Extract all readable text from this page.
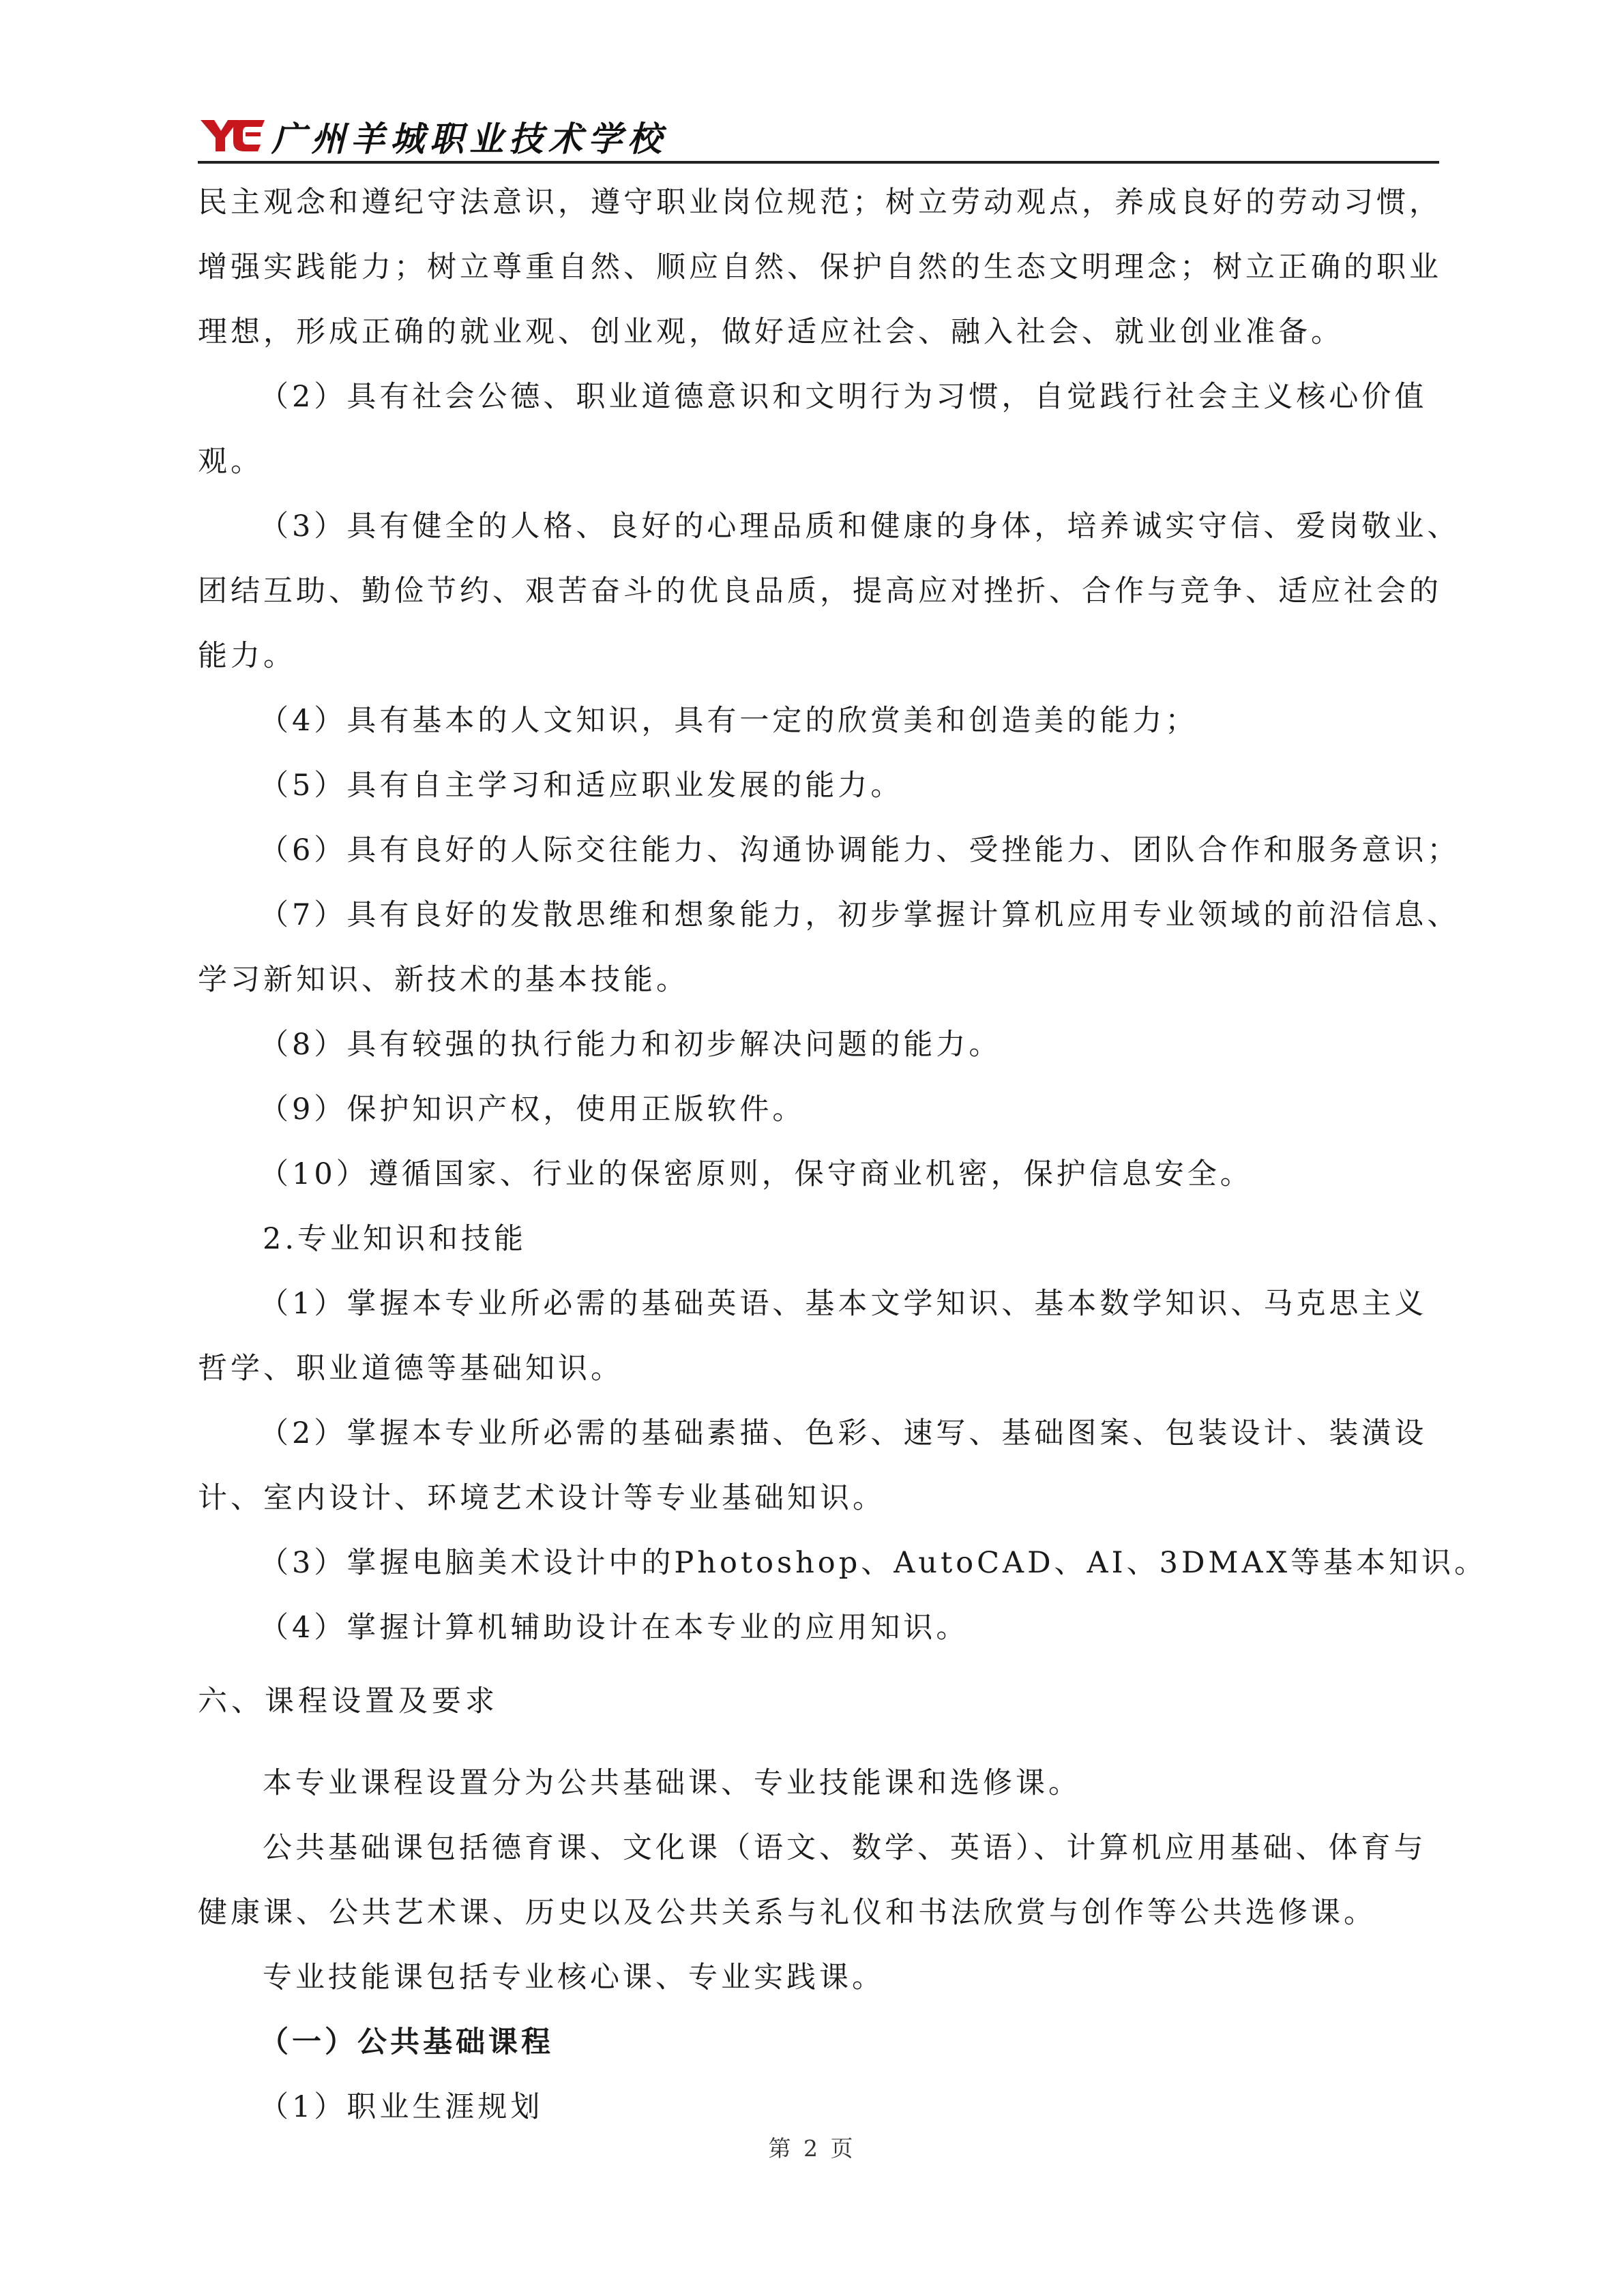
广州羊城职业技术学校
民主观念和遵纪守法意识，遵守职业岗位规范；树立劳动观点，养成良好的劳动习惯，
增强实践能力；树立尊重自然、顺应自然、保护自然的生态文明理念；树立正确的职业
理想，形成正确的就业观、创业观，做好适应社会、融入社会、就业创业准备。
（2）具有社会公德、职业道德意识和文明行为习惯，自觉践行社会主义核心价值
观。
（3）具有健全的人格、良好的心理品质和健康的身体，培养诚实守信、爱岗敬业、
团结互助、勤俭节约、艰苦奋斗的优良品质，提高应对挫折、合作与竞争、适应社会的
能力。
（4）具有基本的人文知识，具有一定的欣赏美和创造美的能力；
（5）具有自主学习和适应职业发展的能力。
（6）具有良好的人际交往能力、沟通协调能力、受挫能力、团队合作和服务意识；
（7）具有良好的发散思维和想象能力，初步掌握计算机应用专业领域的前沿信息、
学习新知识、新技术的基本技能。
（8）具有较强的执行能力和初步解决问题的能力。
（9）保护知识产权，使用正版软件。
（10）遵循国家、行业的保密原则，保守商业机密，保护信息安全。
2.专业知识和技能
（1）掌握本专业所必需的基础英语、基本文学知识、基本数学知识、马克思主义
哲学、职业道德等基础知识。
（2）掌握本专业所必需的基础素描、色彩、速写、基础图案、包装设计、装潢设
计、室内设计、环境艺术设计等专业基础知识。
（3）掌握电脑美术设计中的Photoshop、AutoCAD、AI、3DMAX等基本知识。
（4）掌握计算机辅助设计在本专业的应用知识。
六、课程设置及要求
本专业课程设置分为公共基础课、专业技能课和选修课。
公共基础课包括德育课、文化课（语文、数学、英语）、计算机应用基础、体育与
健康课、公共艺术课、历史以及公共关系与礼仪和书法欣赏与创作等公共选修课。
专业技能课包括专业核心课、专业实践课。
（一）公共基础课程
（1）职业生涯规划
第 2 页
